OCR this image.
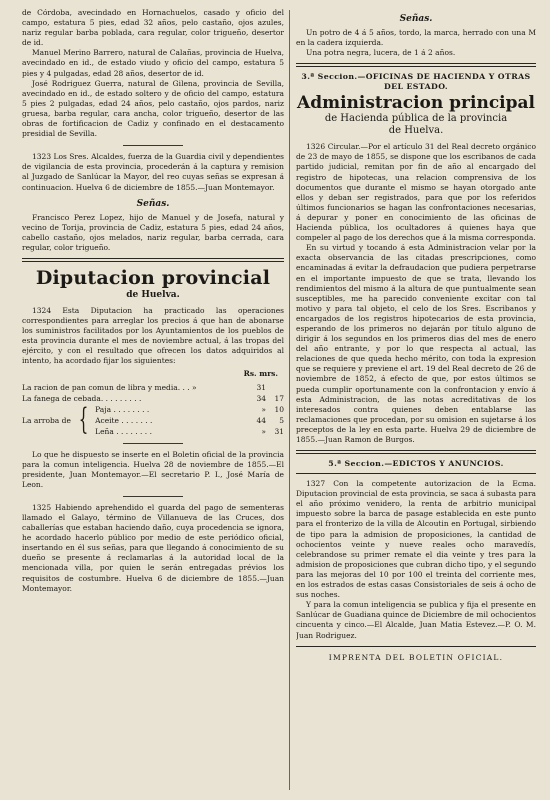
de Córdoba, avecindado en Hornachuelos, casado y oficio del campo, estatura 5 pies, edad 32 años, pelo castaño, ojos azules, nariz regular barba poblada, cara regular, color trigueño, desertor de id.

Manuel Merino Barrero, natural de Calañas, provincia de Huelva, avecindado en id., de estado viudo y oficio del campo, estatura 5 pies y 4 pulgadas, edad 28 años, desertor de id.

José Rodriguez Guerra, natural de Gilena, provincia de Sevilla, avecindado en id., de estado soltero y de oficio del campo, estatura 5 pies 2 pulgadas, edad 24 años, pelo castaño, ojos pardos, nariz gruesa, barba regular, cara ancha, color trigueño, desertor de las obras de fortificacion de Cadiz y confinado en el destacamento presidial de Sevilla.

1323 Los Sres. Alcaldes, fuerza de la Guardia civil y dependientes de vigilancia de esta provincia, procederán á la captura y remision al Juzgado de Sanlúcar la Mayor, del reo cuyas señas se expresan á continuacion. Huelva 6 de diciembre de 1855.—Juan Montemayor.

Señas.

Francisco Perez Lopez, hijo de Manuel y de Josefa, natural y vecino de Torija, provincia de Cadiz, estatura 5 pies, edad 24 años, cabello castaño, ojos melados, nariz regular, barba cerrada, cara regular, color trigueño.

Diputacion provincial
de Huelva.

1324 Esta Diputacion ha practicado las operaciones correspondientes para arreglar los precios á que han de abonarse los suministros facilitados por los Ayuntamientos de los pueblos de esta provincia durante el mes de noviembre actual, á las tropas del ejército, y con el resultado que ofrecen los datos adquiridos al intento, ha acordado fijar los siguientes:

Rs. mrs.
La racion de pan comun de libra y media. . . »	31
La fanega de cebada. . . . . . . . .	34	17
La arroba de { Paja . . . . . . . .	»	10
Aceite . . . . . . .	44	5
Leña . . . . . . . .	»	31

Lo que he dispuesto se inserte en el Boletin oficial de la provincia para la comun inteligencia. Huelva 28 de noviembre de 1855.—El presidente, Juan Montemayor.—El secretario P. I., José María de Leon.

1325 Habiendo aprehendido el guarda del pago de sementeras llamado el Galayo, término de Villanueva de las Cruces, dos caballerías que estaban haciendo daño, cuya procedencia se ignora, he acordado hacerlo público por medio de este periódico oficial, insertando en él sus señas, para que llegando á conocimiento de su dueño se presente á reclamarlas á la autoridad local de la mencionada villa, por quien le serán entregadas prévios los requisitos de costumbre. Huelva 6 de diciembre de 1855.—Juan Montemayor.

Señas.

Un potro de 4 á 5 años, tordo, la marca, herrado con una M en la cadera izquierda.

Una potra negra, lucera, de 1 á 2 años.

3.ª Seccion.—OFICINAS DE HACIENDA Y OTRAS
DEL ESTADO.
Administracion principal
de Hacienda pública de la provincia
de Huelva.

1326 Circular.—Por el artículo 31 del Real decreto orgánico de 23 de mayo de 1855, se dispone que los escribanos de cada partido judicial, remitan por fin de año al encargado del registro de hipotecas, una relacion comprensiva de los documentos que durante el mismo se hayan otorgado ante ellos y deban ser registrados, para que por los referidos últimos funcionarios se hagan las confrontaciones necesarias, á depurar y poner en conocimiento de las oficinas de Hacienda pública, los ocultadores á quienes haya que compeler al pago de los derechos que á la misma corresponda.

En su virtud y tocando á esta Administracion velar por la exacta observancia de las citadas prescripciones, como encaminadas á evitar la defraudacion que pudiera perpetrarse en el importante impuesto de que se trata, llevando los rendimientos del mismo á la altura de que puntualmente sean susceptibles, me ha parecido conveniente excitar con tal motivo y para tal objeto, el celo de los Sres. Escribanos y encargados de los registros hipotecarios de esta provincia, esperando de los primeros no dejarán por título alguno de dirigir á los segundos en los primeros dias del mes de enero del año entrante, y por lo que respecta al actual, las relaciones de que queda hecho mérito, con toda la expresion que se requiere y previene el art. 19 del Real decreto de 26 de noviembre de 1852, á efecto de que, por estos últimos se pueda cumplir oportunamente con la confrontacion y envío á esta Administracion, de las notas acreditativas de los interesados contra quienes deben entablarse las reclamaciones que procedan, por su omision en sujetarse á los preceptos de la ley en esta parte. Huelva 29 de diciembre de 1855.—Juan Ramon de Burgos.

5.ª Seccion.—EDICTOS Y ANUNCIOS.

1327 Con la competente autorizacion de la Ecma. Diputacion provincial de esta provincia, se saca á subasta para el año próximo venidero, la renta de arbitrio municipal impuesto sobre la barca de pasage establecida en este punto para el fronterizo de la villa de Alcoutin en Portugal, sirbiendo de tipo para la admision de proposiciones, la cantidad de ochocientos veinte y nueve reales ocho maravedís, celebrandose su primer remate el dia veinte y tres para la admision de proposiciones que cubran dicho tipo, y el segundo para las mejoras del 10 por 100 el treinta del corriente mes, en los estrados de estas casas Consistoriales de seis á ocho de sus noches.

Y para la comun inteligencia se publica y fija el presente en Sanlúcar de Guadiana quince de Diciembre de mil ochocientos cincuenta y cinco.—El Alcalde, Juan Matia Estevez.—P. O. M. Juan Rodriguez.

IMPRENTA DEL BOLETIN OFICIAL.
